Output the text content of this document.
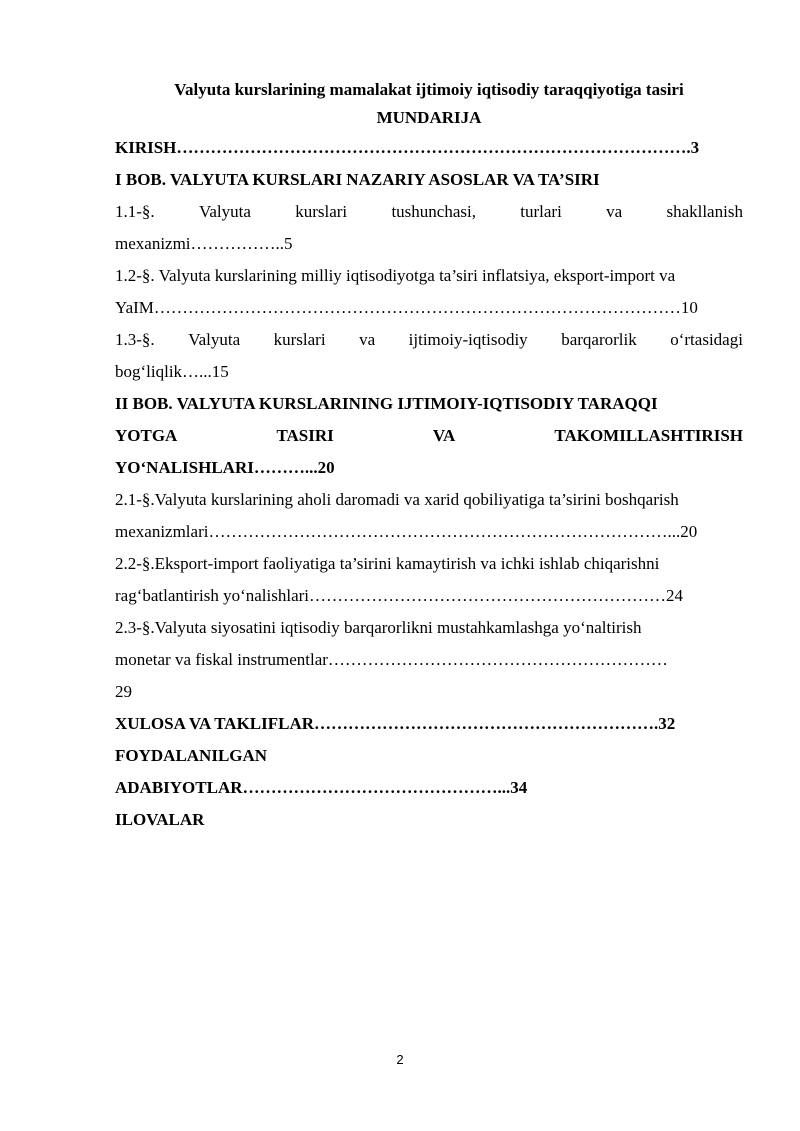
Valyuta kurslarining mamalakat ijtimoiy iqtisodiy taraqqiyotiga tasiri
MUNDARIJA
KIRISH……………………………………………………………………………….3
I BOB. VALYUTA KURSLARI NAZARIY ASOSLAR VA TA’SIRI
1.1-§.	Valyuta	kurslari	tushunchasi,	turlari	va	shakllanish
mexanizmi……………..5
1.2-§. Valyuta kurslarining milliy iqtisodiyotga ta’siri inflatsiya, eksport-import va
YaIM…………………………………………………………………………………10
1.3-§. Valyuta kurslari va ijtimoiy-iqtisodiy barqarorlik o‘rtasidagi
bog‘liqlik…...15
II BOB. VALYUTA KURSLARINING IJTIMOIY-IQTISODIY TARAQQI
YOTGA	TASIRI	VA	TAKOMILLASHTIRISH
YO‘NALISHLARI………...20
2.1-§.Valyuta kurslarining aholi daromadi va xarid qobiliyatiga ta’sirini boshqarish
mexanizmlari………………………………………………………………………...20
2.2-§.Eksport-import faoliyatiga ta’sirini kamaytirish va ichki ishlab chiqarishni
rag‘batlantirish yo‘nalishlari………………………………………………………24
2.3-§.Valyuta siyosatini iqtisodiy barqarorlikni mustahkamlashga yo‘naltirish
monetar va fiskal instrumentlar……………………………………………………
29
XULOSA VA TAKLIFLAR…………………………………………………….32
FOYDALANILGAN
ADABIYOTLAR………………………………………...34
ILOVALAR
2
